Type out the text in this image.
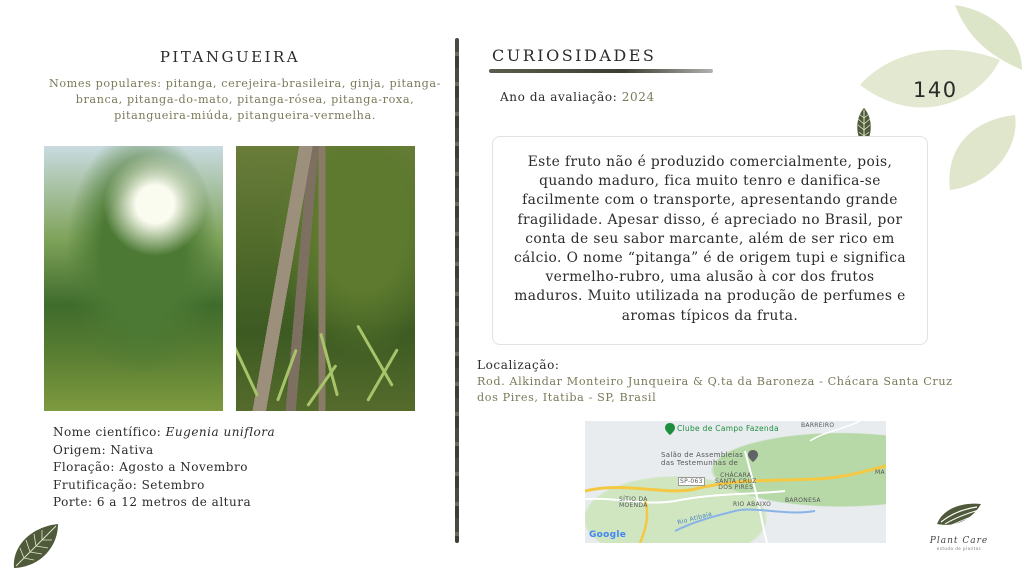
PITANGUEIRA
Nomes populares: pitanga, cerejeira-brasileira, ginja, pitanga-branca, pitanga-do-mato, pitanga-rósea, pitanga-roxa, pitangueira-miúda, pitangueira-vermelha.
Nome científico: Eugenia uniflora
Origem: Nativa
Floração: Agosto a Novembro
Frutificação: Setembro
Porte: 6 a 12 metros de altura
CURIOSIDADES
Ano da avaliação: 2024	140
Este fruto não é produzido comercialmente, pois, quando maduro, fica muito tenro e danifica-se facilmente com o transporte, apresentando grande fragilidade. Apesar disso, é apreciado no Brasil, por conta de seu sabor marcante, além de ser rico em cálcio. O nome “pitanga” é de origem tupi e significa vermelho-rubro, uma alusão à cor dos frutos maduros. Muito utilizada na produção de perfumes e aromas típicos da fruta.
Localização:
Rod. Alkindar Monteiro Junqueira & Q.ta da Baroneza - Chácara Santa Cruz dos Pires, Itatiba - SP, Brasil
Clube de Campo Fazenda
Salão de Assembleias
das Testemunhas de
BARREIRO
CHÁCARA
SANTA CRUZ
DOS PIRES
SÍTIO DA
MOENDA	RIO ABAIXO
BARONESA
SP-063
Rio Atibaia
MA
Google
Plant Care
estudo de plantas
